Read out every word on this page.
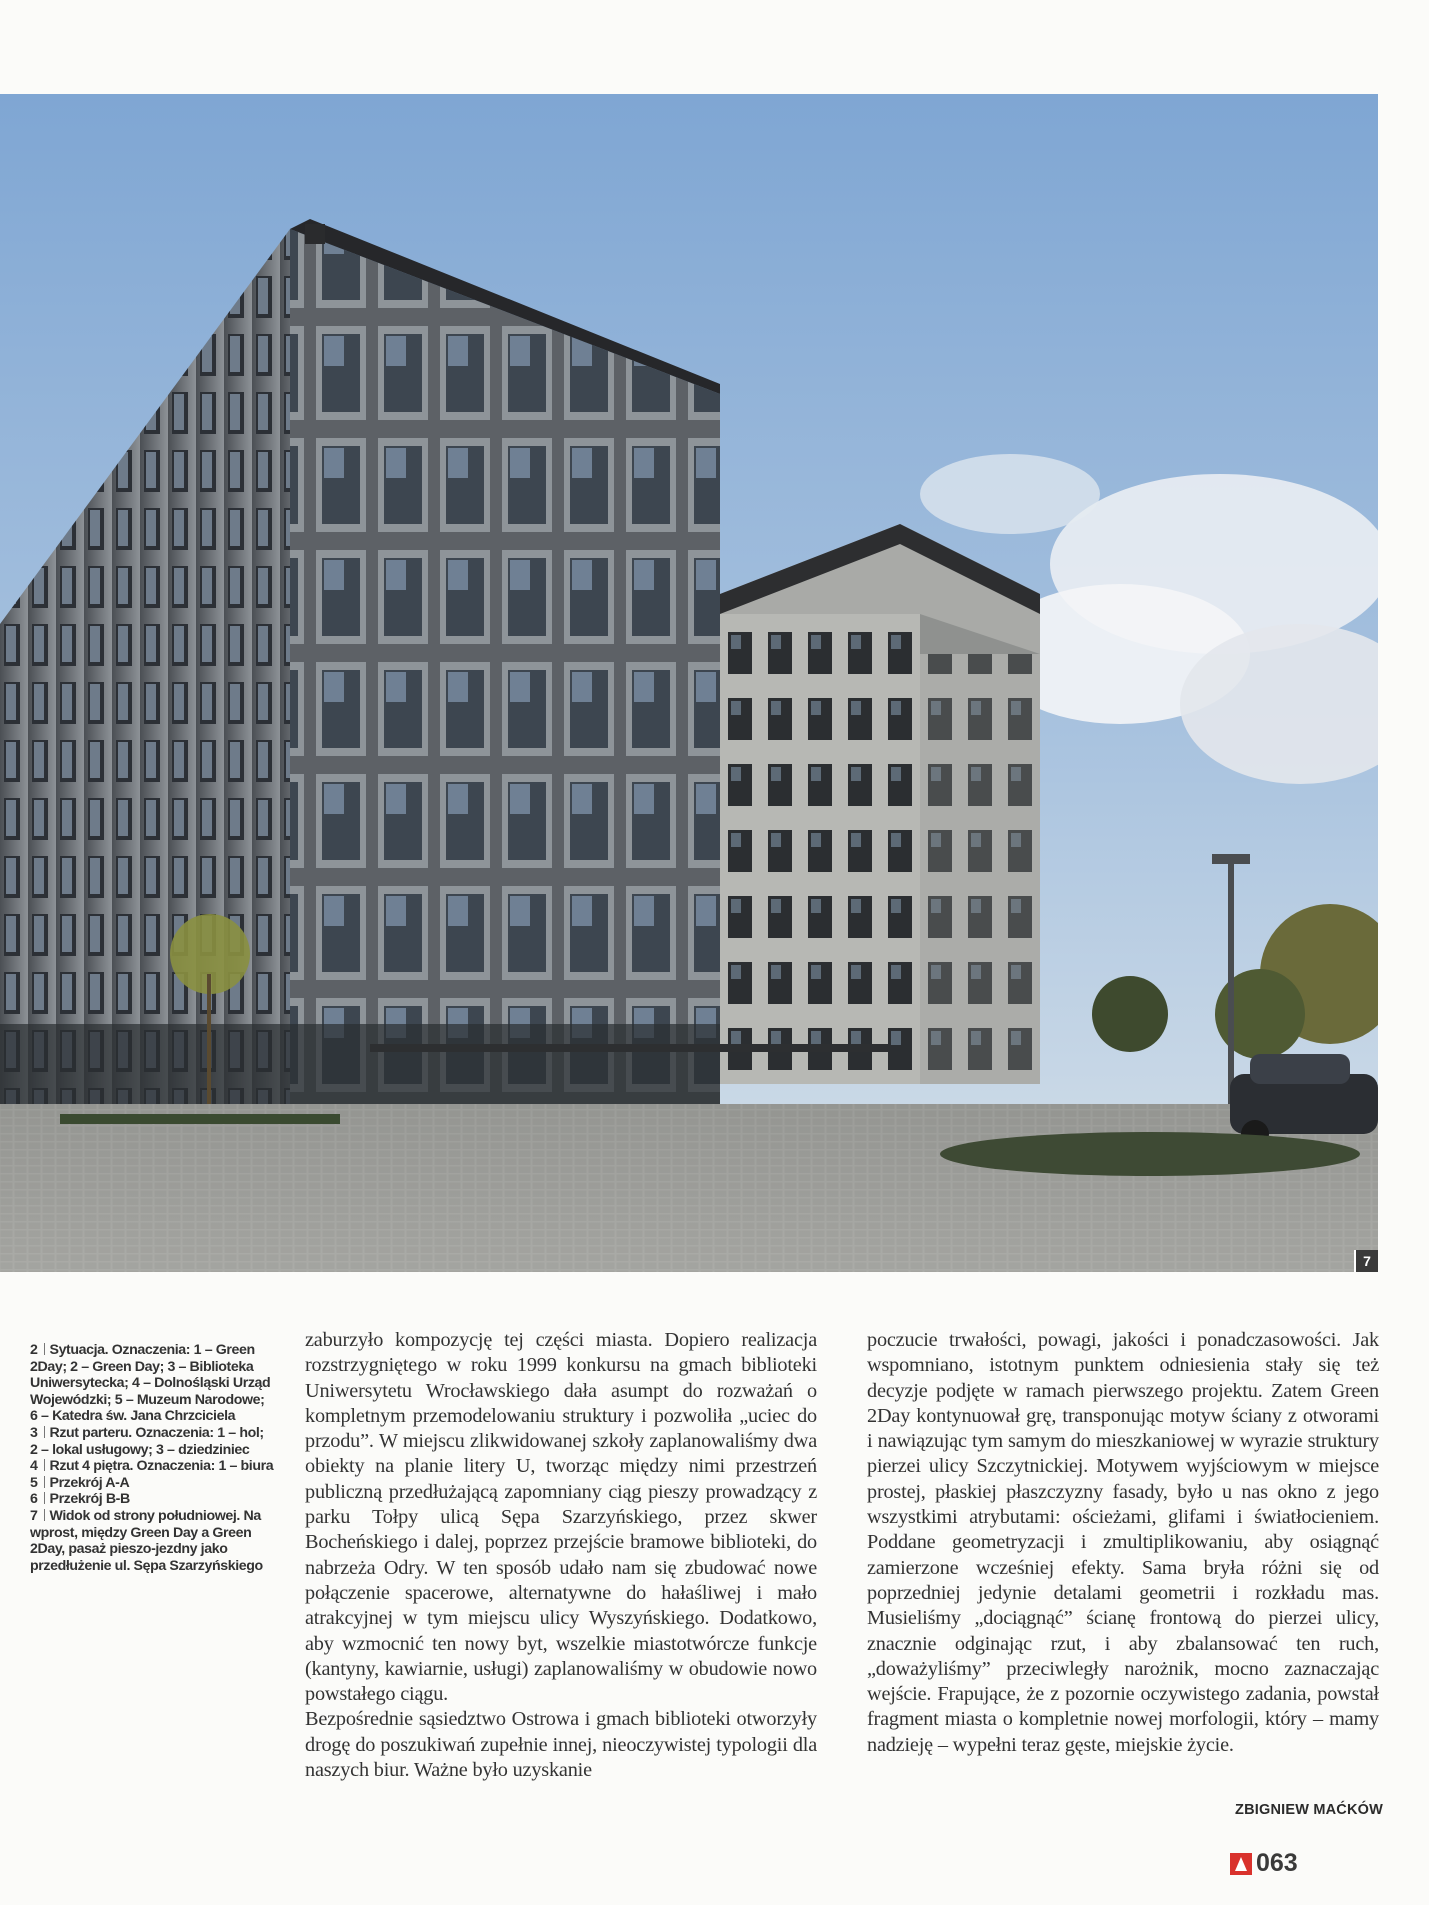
7
2 Sytuacja. Oznaczenia: 1 – Green
2Day; 2 – Green Day; 3 – Biblioteka
Uniwersytecka; 4 – Dolnośląski Urząd
Wojewódzki; 5 – Muzeum Narodowe;
6 – Katedra św. Jana Chrzciciela
3 Rzut parteru. Oznaczenia: 1 – hol;
2 – lokal usługowy; 3 – dziedziniec
4 Rzut 4 piętra. Oznaczenia: 1 – biura
5 Przekrój A-A
6 Przekrój B-B
7 Widok od strony południowej. Na
wprost, między Green Day a Green
2Day, pasaż pieszo-jezdny jako
przedłużenie ul. Sępa Szarzyńskiego

zaburzyło kompozycję tej części miasta. Dopiero realizacja rozstrzygniętego w roku 1999 konkursu na gmach biblioteki Uniwersytetu Wrocławskiego dała asumpt do rozważań o kompletnym przemodelowaniu struktury i pozwoliła „uciec do przodu”. W miejscu zlikwidowanej szkoły zaplanowaliśmy dwa obiekty na planie litery U, tworząc między nimi przestrzeń publiczną przedłużającą zapomniany ciąg pieszy prowadzący z parku Tołpy ulicą Sępa Szarzyńskiego, przez skwer Bocheńskiego i dalej, poprzez przejście bramowe biblioteki, do nabrzeża Odry. W ten sposób udało nam się zbudować nowe połączenie spacerowe, alternatywne do hałaśliwej i mało atrakcyjnej w tym miejscu ulicy Wyszyńskiego. Dodatkowo, aby wzmocnić ten nowy byt, wszelkie miastotwórcze funkcje (kantyny, kawiarnie, usługi) zaplanowaliśmy w obudowie nowo powstałego ciągu.

Bezpośrednie sąsiedztwo Ostrowa i gmach biblioteki otworzyły drogę do poszukiwań zupełnie innej, nieoczywistej typologii dla naszych biur. Ważne było uzyskanie

poczucie trwałości, powagi, jakości i ponadczasowości. Jak wspomniano, istotnym punktem odniesienia stały się też decyzje podjęte w ramach pierwszego projektu. Zatem Green 2Day kontynuował grę, transponując motyw ściany z otworami i nawiązując tym samym do mieszkaniowej w wyrazie struktury pierzei ulicy Szczytnickiej. Motywem wyjściowym w miejsce prostej, płaskiej płaszczyzny fasady, było u nas okno z jego wszystkimi atrybutami: ościeżami, glifami i światłocieniem. Poddane geometryzacji i zmultiplikowaniu, aby osiągnąć zamierzone wcześniej efekty. Sama bryła różni się od poprzedniej jedynie detalami geometrii i rozkładu mas. Musieliśmy „dociągnąć” ścianę frontową do pierzei ulicy, znacznie odginając rzut, i aby zbalansować ten ruch, „doważyliśmy” przeciwległy narożnik, mocno zaznaczając wejście. Frapujące, że z pozornie oczywistego zadania, powstał fragment miasta o kompletnie nowej morfologii, który – mamy nadzieję – wypełni teraz gęste, miejskie życie.

ZBIGNIEW MAĆKÓW
063
